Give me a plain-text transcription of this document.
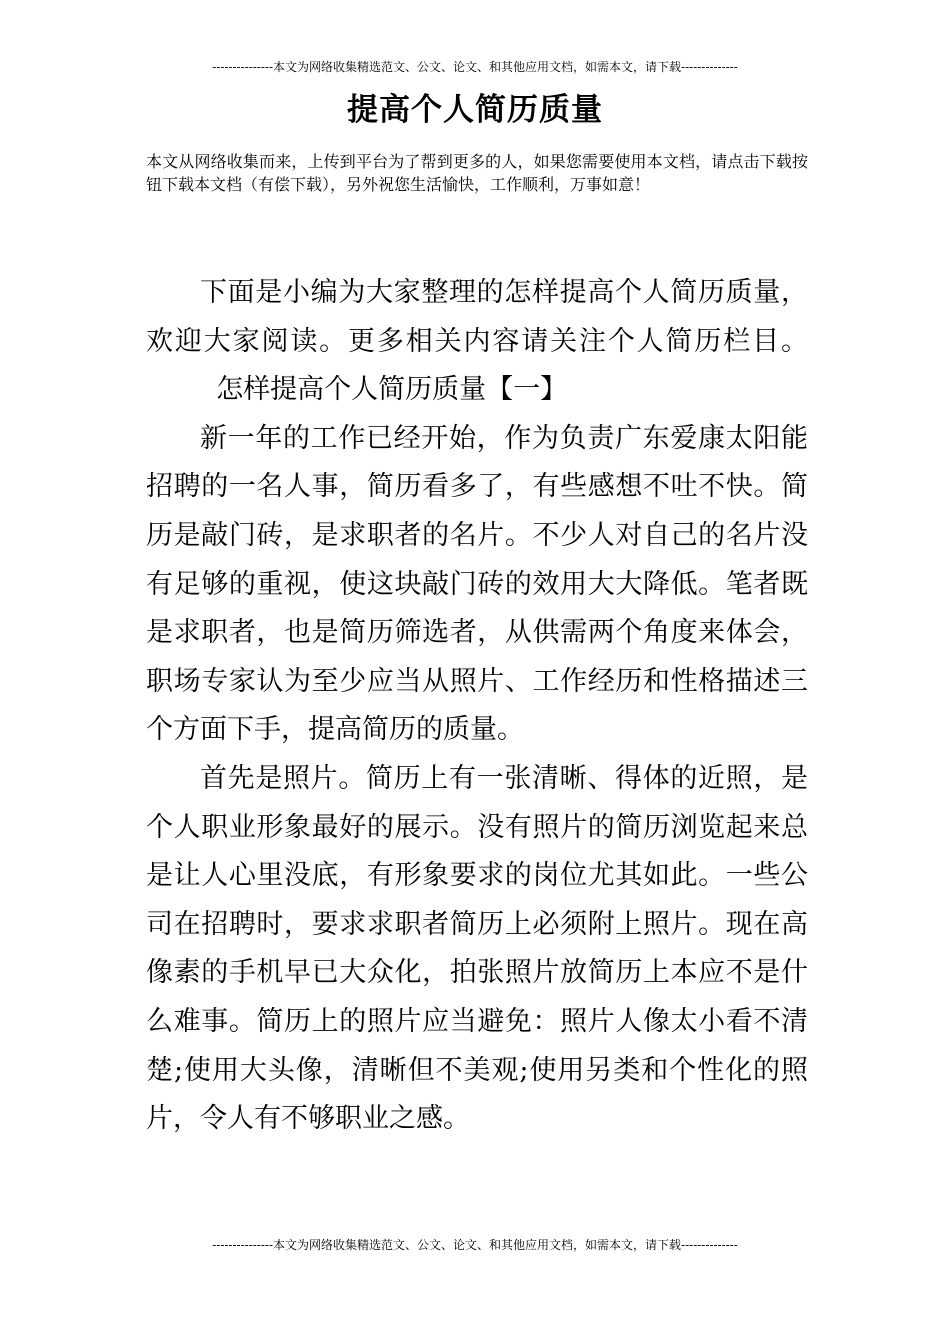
---------------本文为网络收集精选范文、公文、论文、和其他应用文档，如需本文，请下载--------------
提高个人简历质量
本文从网络收集而来，上传到平台为了帮到更多的人，如果您需要使用本文档，请点击下载按钮下载本文档（有偿下载），另外祝您生活愉快，工作顺利，万事如意！

下面是小编为大家整理的怎样提高个人简历质量，欢迎大家阅读。更多相关内容请关注个人简历栏目。怎样提高个人简历质量【一】

新一年的工作已经开始，作为负责广东爱康太阳能招聘的一名人事，简历看多了，有些感想不吐不快。简历是敲门砖，是求职者的名片。不少人对自己的名片没有足够的重视，使这块敲门砖的效用大大降低。笔者既是求职者，也是简历筛选者，从供需两个角度来体会，职场专家认为至少应当从照片、工作经历和性格描述三个方面下手，提高简历的质量。

首先是照片。简历上有一张清晰、得体的近照，是个人职业形象最好的展示。没有照片的简历浏览起来总是让人心里没底，有形象要求的岗位尤其如此。一些公司在招聘时，要求求职者简历上必须附上照片。现在高像素的手机早已大众化，拍张照片放简历上本应不是什么难事。简历上的照片应当避免：照片人像太小看不清楚;使用大头像，清晰但不美观;使用另类和个性化的照片，令人有不够职业之感。

---------------本文为网络收集精选范文、公文、论文、和其他应用文档，如需本文，请下载--------------
